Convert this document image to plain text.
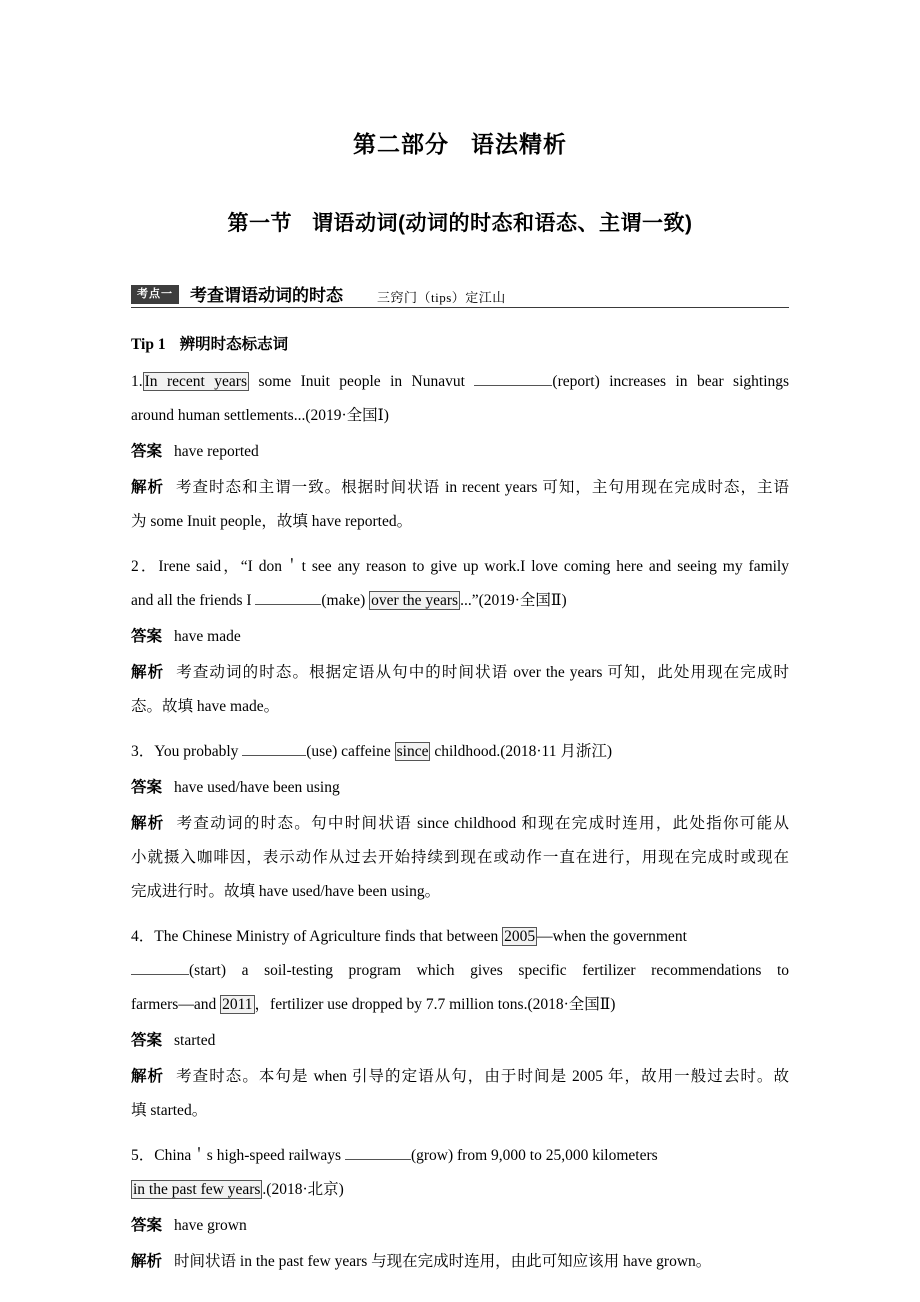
第二部分 语法精析
第一节 谓语动词(动词的时态和语态、主谓一致)
考点一	考查谓语动词的时态	三窍门（tips）定江山
Tip 1 辨明时态标志词
1. In recent years some Inuit people in Nunavut	(report) increases in bear sightings
around human settlements...(2019·全国Ⅰ)
答案 have reported
解析 考查时态和主谓一致。根据时间状语 in recent years 可知，主句用现在完成时态，主语
为 some Inuit people，故填 have reported。
2．Irene said，“I don＇t see any reason to give up work.I love coming here and seeing my family
and all the friends I	(make) over the years ...”(2019·全国Ⅱ)
答案 have made
解析 考查动词的时态。根据定语从句中的时间状语 over the years 可知，此处用现在完成时
态。故填 have made。
3．You probably	(use) caffeine since childhood.(2018·11 月浙江)
答案 have used/have been using
解析 考查动词的时态。句中时间状语 since childhood 和现在完成时连用，此处指你可能从
小就摄入咖啡因，表示动作从过去开始持续到现在或动作一直在进行，用现在完成时或现在
完成进行时。故填 have used/have been using。
4．The Chinese Ministry of Agriculture finds that between 2005 —when the government
(start) a soil-testing program which gives specific fertilizer recommendations to
farmers—and 2011 ，fertilizer use dropped by 7.7 million tons.(2018·全国Ⅱ)
答案 started
解析 考查时态。本句是 when 引导的定语从句，由于时间是 2005 年，故用一般过去时。故
填 started。
5．China＇s high-speed railways	(grow) from 9,000 to 25,000 kilometers
in the past few years .(2018·北京)
答案 have grown
解析 时间状语 in the past few years 与现在完成时连用，由此可知应该用 have grown。
